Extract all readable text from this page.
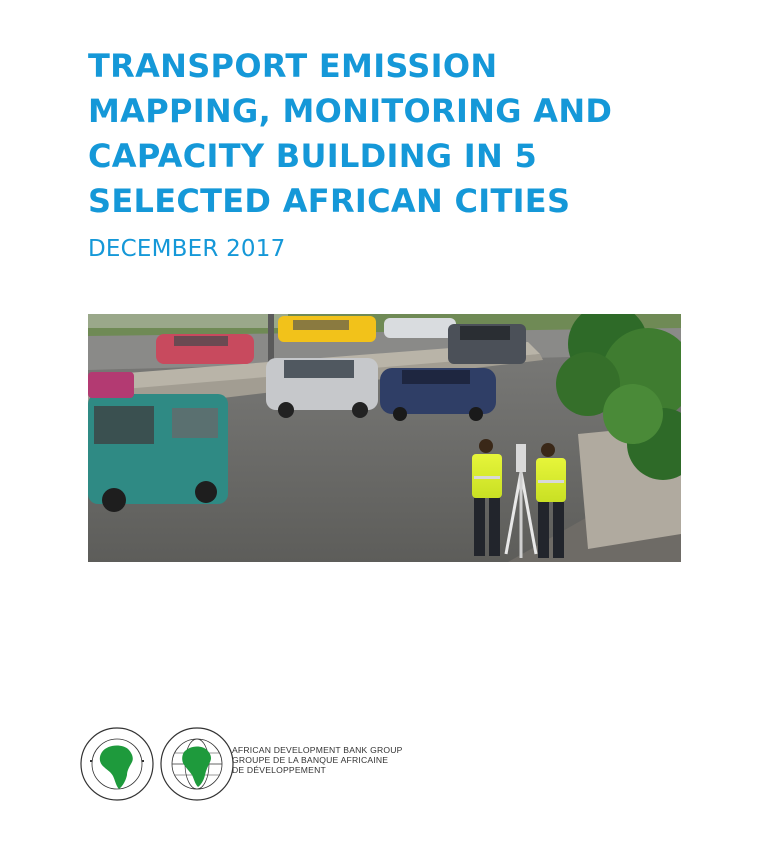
TRANSPORT EMISSION
MAPPING, MONITORING AND
CAPACITY BUILDING IN 5
SELECTED AFRICAN CITIES

DECEMBER 2017

AFRICAN DEVELOPMENT BANK GROUP
GROUPE DE LA BANQUE AFRICAINE
DE DÉVELOPPEMENT
